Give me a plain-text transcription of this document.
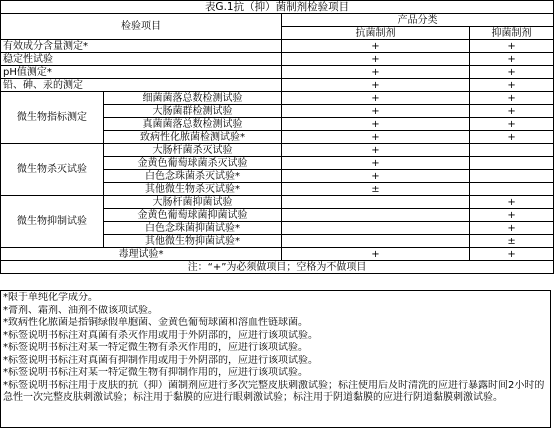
表G.1抗（抑）菌制剂检验项目			
检验项目		产品分类	
		抗菌制剂	抑菌制剂
有效成分含量测定*		+	+
稳定性试验		+	+
pH值测定*		+	+
铅、砷、汞的测定		+	+
微生物指标测定	细菌菌落总数检测试验	+	+
	大肠菌群检测试验	+	+
	真菌菌落总数检测试验	+	+
	致病性化脓菌检测试验*	+	+
微生物杀灭试验	大肠杆菌杀灭试验	+	
	金黄色葡萄球菌杀灭试验	+	
	白色念珠菌杀灭试验*	+	
	其他微生物杀灭试验*	±	
微生物抑制试验	大肠杆菌抑菌试验		+
	金黄色葡萄球菌抑菌试验		+
	白色念珠菌抑菌试验*		+
	其他微生物抑菌试验*		±
毒理试验*		+	+
注：“+”为必须做项目；空格为不做项目			
*限于单纯化学成分。
*膏剂、霜剂、油剂不做该项试验。
*致病性化脓菌是指铜绿假单胞菌、金黄色葡萄球菌和溶血性链球菌。
*标签说明书标注对真菌有杀灭作用或用于外阴部的，应进行该项试验。
*标签说明书标注对某一特定微生物有杀灭作用的，应进行该项试验。
*标签说明书标注对真菌有抑制作用或用于外阴部的，应进行该项试验。
*标签说明书标注对某一特定微生物有抑制作用的，应进行该项试验。
*标签说明书标注用于皮肤的抗（抑）菌制剂应进行多次完整皮肤刺激试验；标注使用后及时清洗的应进行暴露时间2小时的急性一次完整皮肤刺激试验；标注用于黏膜的应进行眼刺激试验；标注用于阴道黏膜的应进行阴道黏膜刺激试验。
